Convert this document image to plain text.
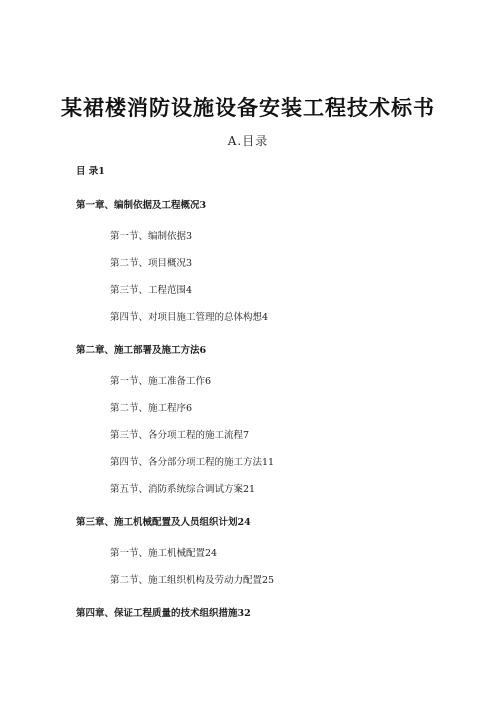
某裙楼消防设施设备安装工程技术标书
A.目录
目 录1
第一章、编制依据及工程概况3
第一节、编制依据3
第二节、项目概况3
第三节、工程范围4
第四节、对项目施工管理的总体构想4
第二章、施工部署及施工方法6
第一节、施工准备工作6
第二节、施工程序6
第三节、各分项工程的施工流程7
第四节、各分部分项工程的施工方法11
第五节、消防系统综合调试方案21
第三章、施工机械配置及人员组织计划24
第一节、施工机械配置24
第二节、施工组织机构及劳动力配置25
第四章、保证工程质量的技术组织措施32
